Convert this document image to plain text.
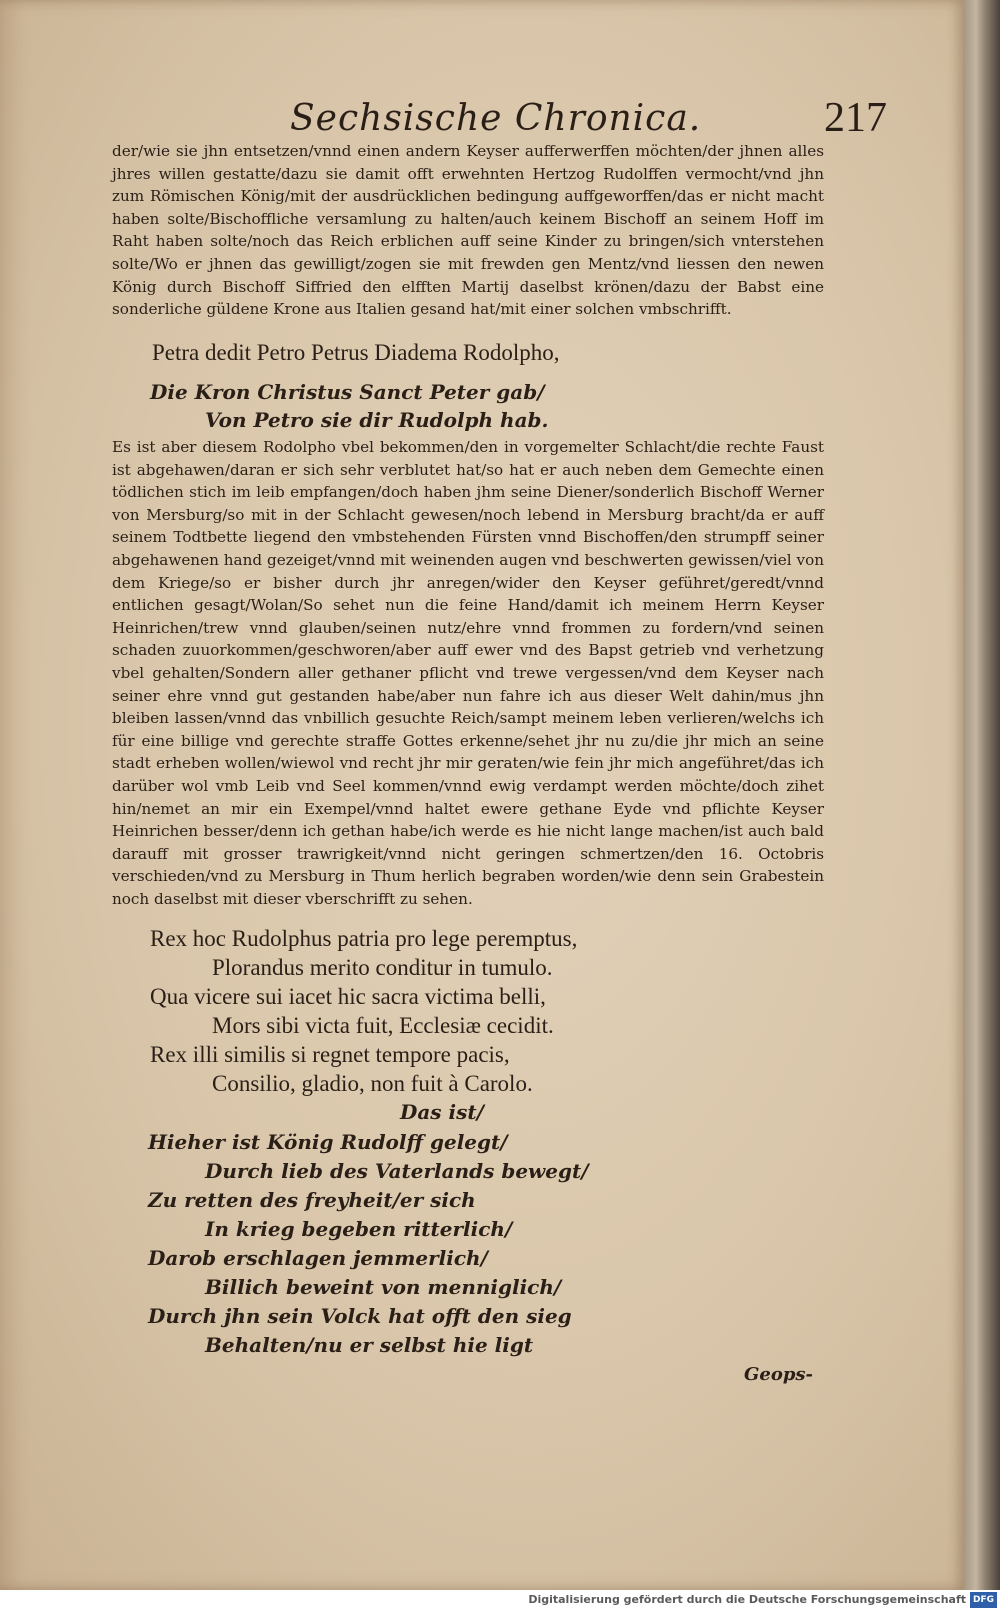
Sechsische Chronica.	217
der/wie sie jhn entsetzen/vnnd einen andern Keyser aufferwerffen möchten/der jhnen alles jhres willen gestatte/dazu sie damit offt erwehnten Hertzog Rudolffen vermocht/vnd jhn zum Römischen König/mit der ausdrücklichen bedingung auffgeworffen/das er nicht macht haben solte/Bischoffliche versamlung zu halten/auch keinem Bischoff an seinem Hoff im Raht haben solte/noch das Reich erblichen auff seine Kinder zu bringen/sich vnterstehen solte/Wo er jhnen das gewilligt/zogen sie mit frewden gen Mentz/vnd liessen den newen König durch Bischoff Siffried den elfften Martij daselbst krönen/dazu der Babst eine sonderliche güldene Krone aus Italien gesand hat/mit einer solchen vmbschrifft.
Petra dedit Petro Petrus Diadema Rodolpho,
Die Kron Christus Sanct Peter gab/
Von Petro sie dir Rudolph hab.
Es ist aber diesem Rodolpho vbel bekommen/den in vorgemelter Schlacht/die rechte Faust ist abgehawen/daran er sich sehr verblutet hat/so hat er auch neben dem Gemechte einen tödlichen stich im leib empfangen/doch haben jhm seine Diener/sonderlich Bischoff Werner von Mersburg/so mit in der Schlacht gewesen/noch lebend in Mersburg bracht/da er auff seinem Todtbette liegend den vmbstehenden Fürsten vnnd Bischoffen/den strumpff seiner abgehawenen hand gezeiget/vnnd mit weinenden augen vnd beschwerten gewissen/viel von dem Kriege/so er bisher durch jhr anregen/wider den Keyser geführet/geredt/vnnd entlichen gesagt/Wolan/So sehet nun die feine Hand/damit ich meinem Herrn Keyser Heinrichen/trew vnnd glauben/seinen nutz/ehre vnnd frommen zu fordern/vnd seinen schaden zuuorkommen/geschworen/aber auff ewer vnd des Bapst getrieb vnd verhetzung vbel gehalten/Sondern aller gethaner pflicht vnd trewe vergessen/vnd dem Keyser nach seiner ehre vnnd gut gestanden habe/aber nun fahre ich aus dieser Welt dahin/mus jhn bleiben lassen/vnnd das vnbillich gesuchte Reich/sampt meinem leben verlieren/welchs ich für eine billige vnd gerechte straffe Gottes erkenne/sehet jhr nu zu/die jhr mich an seine stadt erheben wollen/wiewol vnd recht jhr mir geraten/wie fein jhr mich angeführet/das ich darüber wol vmb Leib vnd Seel kommen/vnnd ewig verdampt werden möchte/doch zihet hin/nemet an mir ein Exempel/vnnd haltet ewere gethane Eyde vnd pflichte Keyser Heinrichen besser/denn ich gethan habe/ich werde es hie nicht lange machen/ist auch bald darauff mit grosser trawrigkeit/vnnd nicht geringen schmertzen/den 16. Octobris verschieden/vnd zu Mersburg in Thum herlich begraben worden/wie denn sein Grabestein noch daselbst mit dieser vberschrifft zu sehen.
Rex hoc Rudolphus patria pro lege peremptus,
Plorandus merito conditur in tumulo.
Qua vicere sui iacet hic sacra victima belli,
Mors sibi victa fuit, Ecclesiæ cecidit.
Rex illi similis si regnet tempore pacis,
Consilio, gladio, non fuit à Carolo.
Das ist/
Hieher ist König Rudolff gelegt/
Durch lieb des Vaterlands bewegt/
Zu retten des freyheit/er sich
In krieg begeben ritterlich/
Darob erschlagen jemmerlich/
Billich beweint von menniglich/
Durch jhn sein Volck hat offt den sieg
Behalten/nu er selbst hie ligt
Geops-
Digitalisierung gefördert durch die Deutsche Forschungsgemeinschaft DFG
